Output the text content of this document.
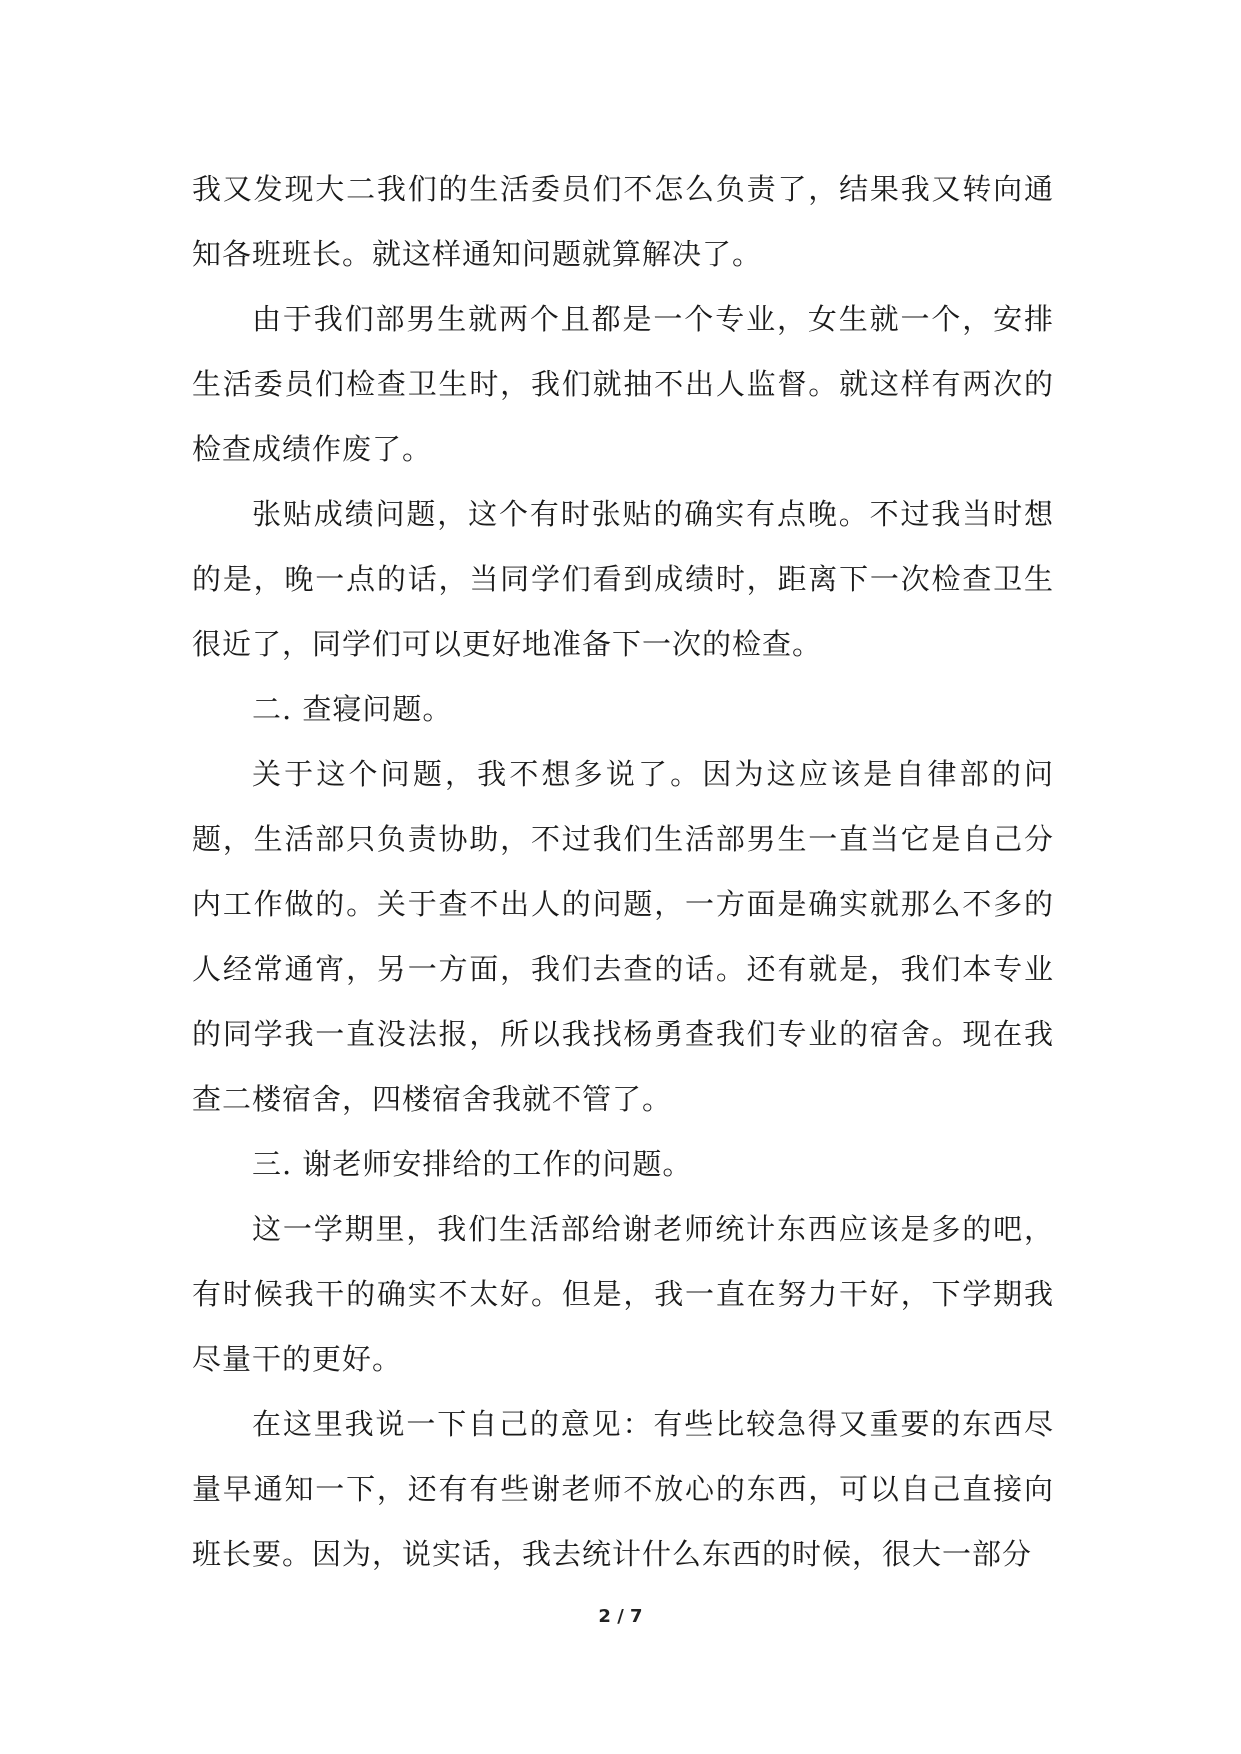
我又发现大二我们的生活委员们不怎么负责了，结果我又转向通知各班班长。就这样通知问题就算解决了。

由于我们部男生就两个且都是一个专业，女生就一个，安排生活委员们检查卫生时，我们就抽不出人监督。就这样有两次的检查成绩作废了。

张贴成绩问题，这个有时张贴的确实有点晚。不过我当时想的是，晚一点的话，当同学们看到成绩时，距离下一次检查卫生很近了，同学们可以更好地准备下一次的检查。

二. 查寝问题。

关于这个问题，我不想多说了。因为这应该是自律部的问题，生活部只负责协助，不过我们生活部男生一直当它是自己分内工作做的。关于查不出人的问题，一方面是确实就那么不多的人经常通宵，另一方面，我们去查的话。还有就是，我们本专业的同学我一直没法报，所以我找杨勇查我们专业的宿舍。现在我查二楼宿舍，四楼宿舍我就不管了。

三. 谢老师安排给的工作的问题。

这一学期里，我们生活部给谢老师统计东西应该是多的吧，有时候我干的确实不太好。但是，我一直在努力干好，下学期我尽量干的更好。

在这里我说一下自己的意见：有些比较急得又重要的东西尽量早通知一下，还有有些谢老师不放心的东西，可以自己直接向班长要。因为，说实话，我去统计什么东西的时候，很大一部分

2 / 7
